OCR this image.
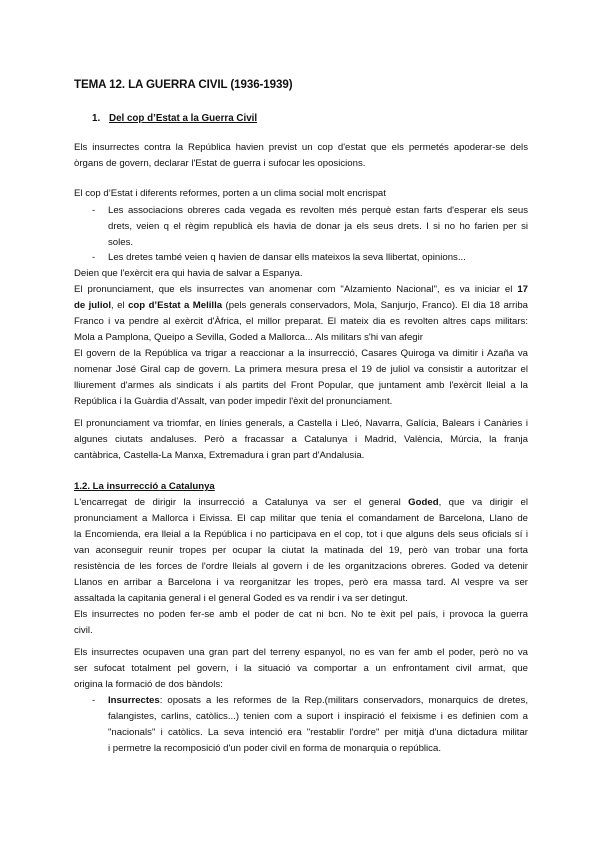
TEMA 12. LA GUERRA CIVIL (1936-1939)
1. Del cop d’Estat a la Guerra Civil
Els insurrectes contra la República havien previst un cop d'estat que els permetés apoderar-se dels
òrgans de govern, declarar l'Estat de guerra i sufocar les oposicions.
El cop d’Estat i diferents reformes, porten a un clima social molt encrispat
- Les associacions obreres cada vegada es revolten més perquè estan farts d'esperar els seus
drets, veien q el règim republicà els havia de donar ja els seus drets. I si no ho farien per si
soles.
- Les dretes també veien q havien de dansar ells mateixos la seva llibertat, opinions...
Deien que l'exèrcit era qui havia de salvar a Espanya.
El pronunciament, que els insurrectes van anomenar com "Alzamiento Nacional", es va iniciar el 17
de juliol, el cop d’Estat a Melilla (pels generals conservadors, Mola, Sanjurjo, Franco). El dia 18 arriba
Franco i va pendre al exèrcit d'Àfrica, el millor preparat. El mateix dia es revolten altres caps militars:
Mola a Pamplona, Queipo a Sevilla, Goded a Mallorca... Als militars s'hi van afegir
El govern de la República va trigar a reaccionar a la insurrecció, Casares Quiroga va dimitir i Azaña va
nomenar José Giral cap de govern. La primera mesura presa el 19 de juliol va consistir a autoritzar el
lliurement d'armes als sindicats i als partits del Front Popular, que juntament amb l'exèrcit lleial a la
República i la Guàrdia d'Assalt, van poder impedir l'èxit del pronunciament.
El pronunciament va triomfar, en línies generals, a Castella i Lleó, Navarra, Galícia, Balears i Canàries i
algunes ciutats andaluses. Però a fracassar a Catalunya i Madrid, València, Múrcia, la franja
cantàbrica, Castella-La Manxa, Extremadura i gran part d'Andalusia.
1.2. La insurrecció a Catalunya
L'encarregat de dirigir la insurrecció a Catalunya va ser el general Goded, que va dirigir el
pronunciament a Mallorca i Eivissa. El cap militar que tenia el comandament de Barcelona, Llano de
la Encomienda, era lleial a la República i no participava en el cop, tot i que alguns dels seus oficials sí i
van aconseguir reunir tropes per ocupar la ciutat la matinada del 19, però van trobar una forta
resistència de les forces de l'ordre lleials al govern i de les organitzacions obreres. Goded va detenir
Llanos en arribar a Barcelona i va reorganitzar les tropes, però era massa tard. Al vespre va ser
assaltada la capitania general i el general Goded es va rendir i va ser detingut.
Els insurrectes no poden fer-se amb el poder de cat ni bcn. No te èxit pel país, i provoca la guerra
civil.
Els insurrectes ocupaven una gran part del terreny espanyol, no es van fer amb el poder, però no va
ser sufocat totalment pel govern, i la situació va comportar a un enfrontament civil armat, que
origina la formació de dos bàndols:
- Insurrectes: oposats a les reformes de la Rep.(militars conservadors, monarquics de dretes,
falangistes, carlins, catòlics...) tenien com a suport i inspiració el feixisme i es definien com a
"nacionals" i catòlics. La seva intenció era "restablir l'ordre" per mitjà d'una dictadura militar
i permetre la recomposició d'un poder civil en forma de monarquia o república.
